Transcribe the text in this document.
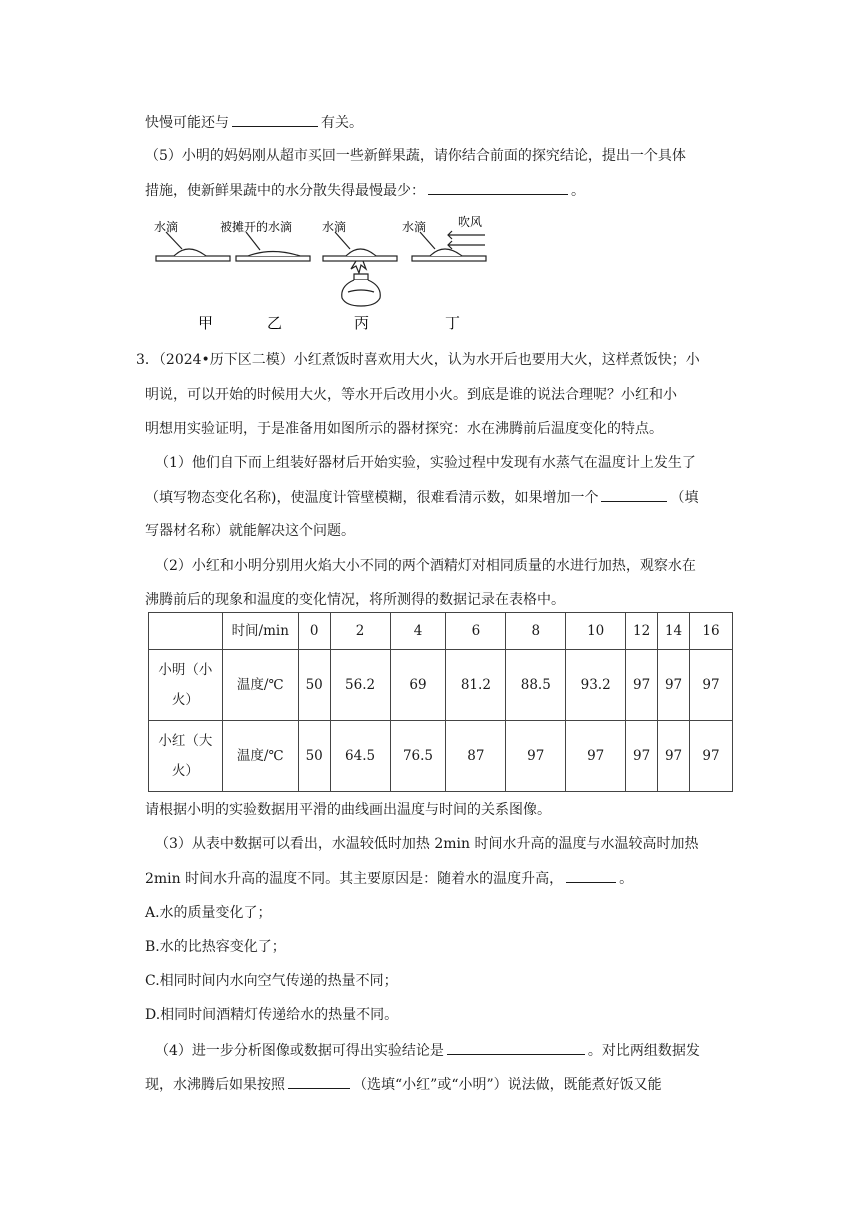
快慢可能还与	有关。
（5）小明的妈妈刚从超市买回一些新鲜果蔬，请你结合前面的探究结论，提出一个具体
措施，使新鲜果蔬中的水分散失得最慢最少：	。
水滴	被摊开的水滴 水滴	水滴	吹风
甲	乙	丙	丁
3．（2024•历下区二模）小红煮饭时喜欢用大火，认为水开后也要用大火，这样煮饭快；小
明说，可以开始的时候用大火，等水开后改用小火。到底是谁的说法合理呢？小红和小
明想用实验证明，于是准备用如图所示的器材探究：水在沸腾前后温度变化的特点。
（1）他们自下而上组装好器材后开始实验，实验过程中发现有水蒸气在温度计上发生了
（填写物态变化名称)，使温度计管壁模糊，很难看清示数，如果增加一个	（填
写器材名称）就能解决这个问题。
（2）小红和小明分别用火焰大小不同的两个酒精灯对相同质量的水进行加热，观察水在
沸腾前后的现象和温度的变化情况，将所测得的数据记录在表格中。
	时间/min	0	2	4	6	8	10	12	14	16
小明（小
火）	温度/℃	50	56.2	69	81.2	88.5	93.2	97	97	97
小红（大
火）	温度/℃	50	64.5	76.5	87	97	97	97	97	97
请根据小明的实验数据用平滑的曲线画出温度与时间的关系图像。
（3）从表中数据可以看出，水温较低时加热 2min 时间水升高的温度与水温较高时加热
2min 时间水升高的温度不同。其主要原因是：随着水的温度升高，	。
A.水的质量变化了；
B.水的比热容变化了；
C.相同时间内水向空气传递的热量不同；
D.相同时间酒精灯传递给水的热量不同。
（4）进一步分析图像或数据可得出实验结论是	。对比两组数据发
现，水沸腾后如果按照	（选填“小红”或“小明”）说法做，既能煮好饭又能
